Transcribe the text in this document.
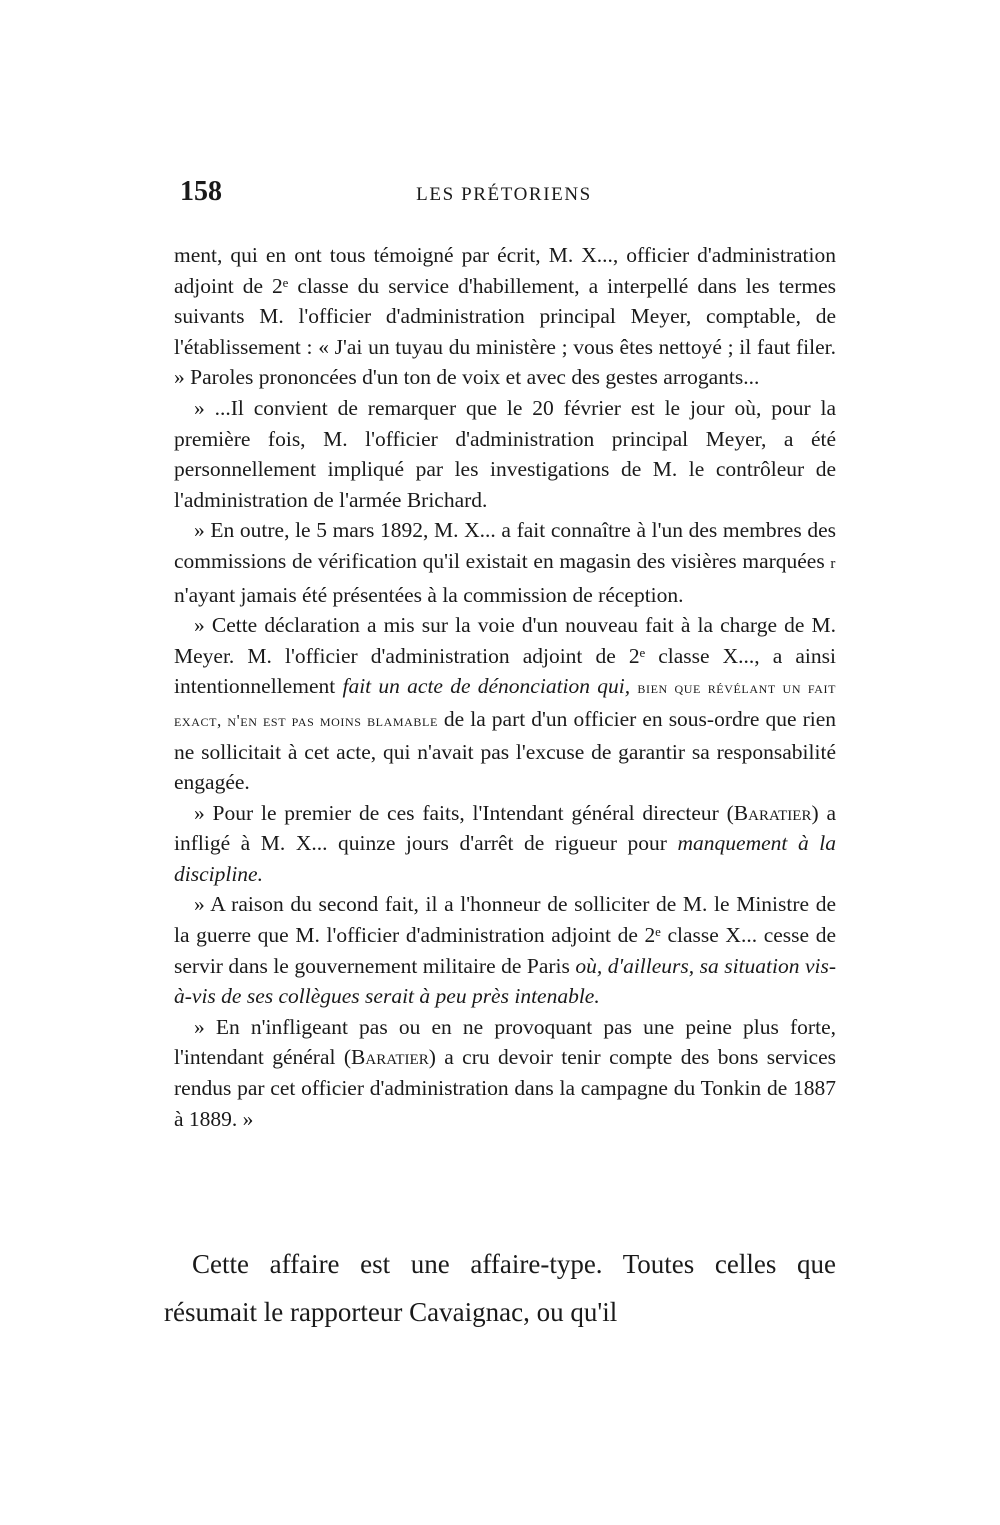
158	LES PRÉTORIENS

ment, qui en ont tous témoigné par écrit, M. X..., officier d'administration adjoint de 2ᵉ classe du service d'habillement, a interpellé dans les termes suivants M. l'officier d'administration principal Meyer, comptable, de l'établissement : « J'ai un tuyau du ministère ; vous êtes nettoyé ; il faut filer. » Paroles prononcées d'un ton de voix et avec des gestes arrogants...

» ...Il convient de remarquer que le 20 février est le jour où, pour la première fois, M. l'officier d'administration principal Meyer, a été personnellement impliqué par les investigations de M. le contrôleur de l'administration de l'armée Brichard.

» En outre, le 5 mars 1892, M. X... a fait connaître à l'un des membres des commissions de vérification qu'il existait en magasin des visières marquées r n'ayant jamais été présentées à la commission de réception.

» Cette déclaration a mis sur la voie d'un nouveau fait à la charge de M. Meyer. M. l'officier d'administration adjoint de 2ᵉ classe X..., a ainsi intentionnellement fait un acte de dénonciation qui, bien que révélant un fait exact, n'en est pas moins blamable de la part d'un officier en sous-ordre que rien ne sollicitait à cet acte, qui n'avait pas l'excuse de garantir sa responsabilité engagée.

» Pour le premier de ces faits, l'Intendant général directeur (Baratier) a infligé à M. X... quinze jours d'arrêt de rigueur pour manquement à la discipline.

» A raison du second fait, il a l'honneur de solliciter de M. le Ministre de la guerre que M. l'officier d'administration adjoint de 2ᵉ classe X... cesse de servir dans le gouvernement militaire de Paris où, d'ailleurs, sa situation vis-à-vis de ses collègues serait à peu près intenable.

» En n'infligeant pas ou en ne provoquant pas une peine plus forte, l'intendant général (Baratier) a cru devoir tenir compte des bons services rendus par cet officier d'administration dans la campagne du Tonkin de 1887 à 1889. »

Cette affaire est une affaire-type. Toutes celles que résumait le rapporteur Cavaignac, ou qu'il
